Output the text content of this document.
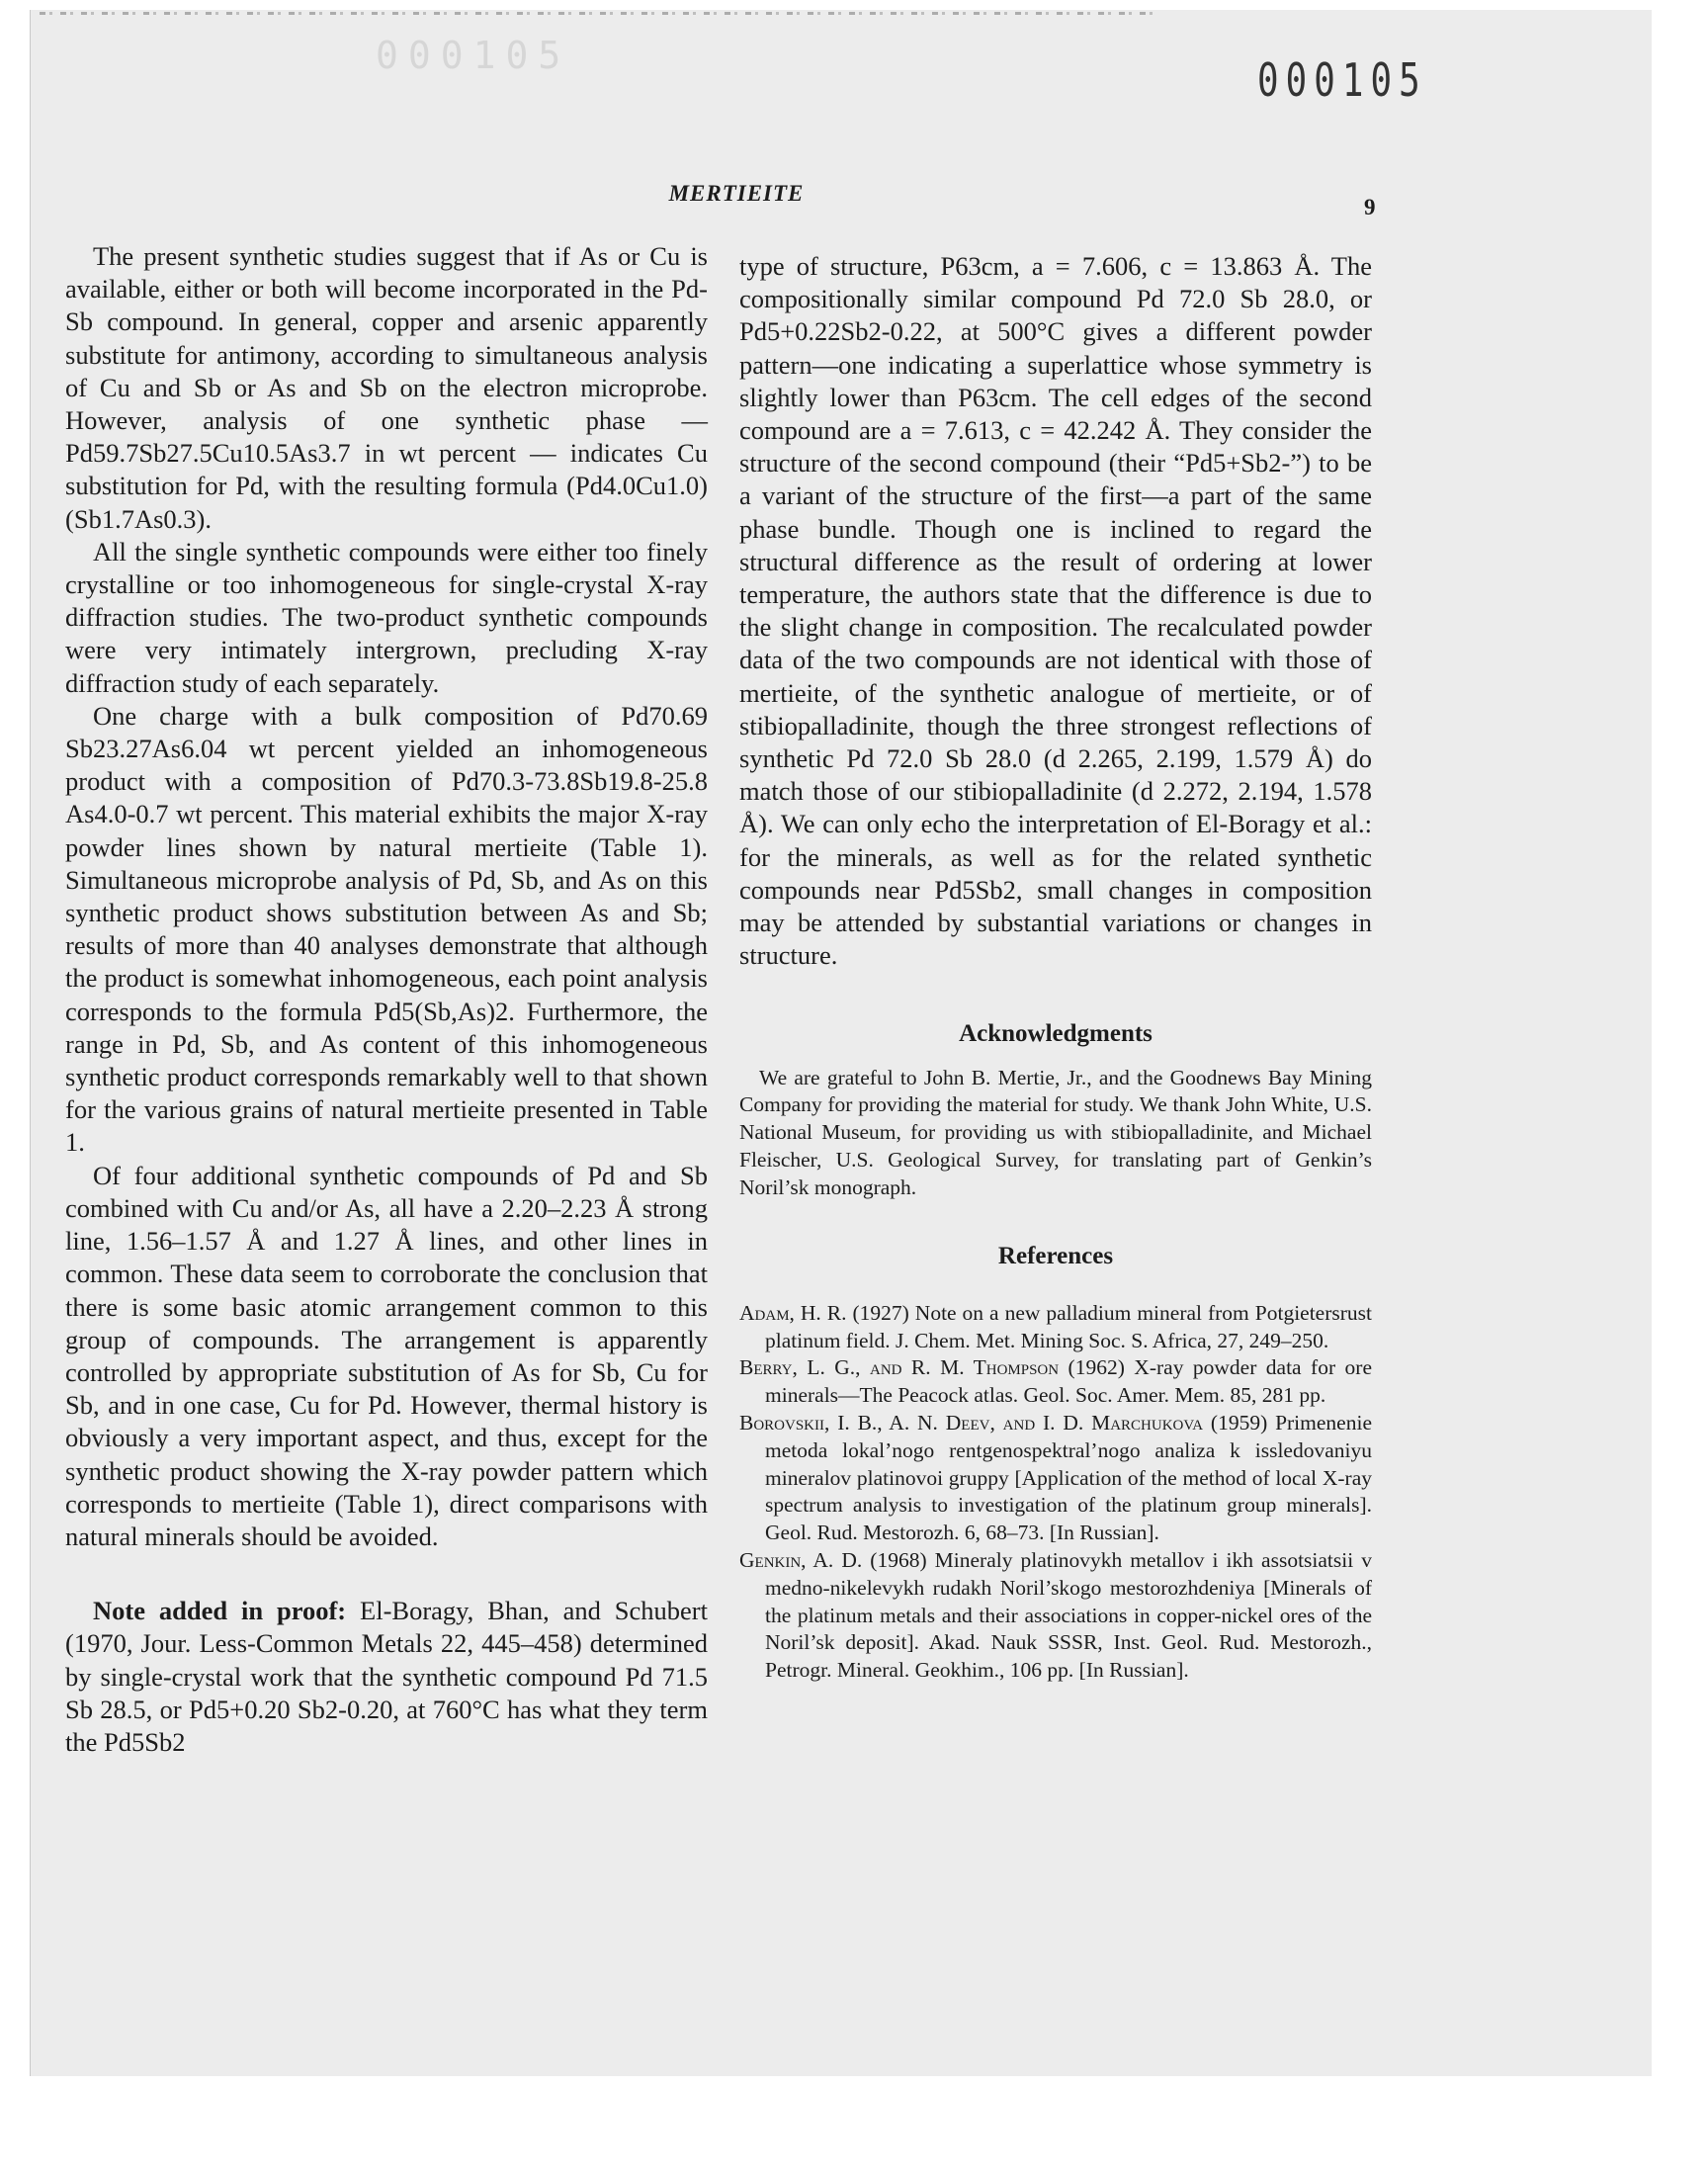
000105	000105
MERTIEITE
9

The present synthetic studies suggest that if As or Cu is available, either or both will become incorporated in the Pd-Sb compound. In general, copper and arsenic apparently substitute for antimony, according to simultaneous analysis of Cu and Sb or As and Sb on the electron microprobe. However, analysis of one synthetic phase — Pd59.7Sb27.5Cu10.5As3.7 in wt percent — indicates Cu substitution for Pd, with the resulting formula (Pd4.0Cu1.0)(Sb1.7As0.3).

All the single synthetic compounds were either too finely crystalline or too inhomogeneous for single-crystal X-ray diffraction studies. The two-product synthetic compounds were very intimately intergrown, precluding X-ray diffraction study of each separately.

One charge with a bulk composition of Pd70.69 Sb23.27As6.04 wt percent yielded an inhomogeneous product with a composition of Pd70.3-73.8Sb19.8-25.8 As4.0-0.7 wt percent. This material exhibits the major X-ray powder lines shown by natural mertieite (Table 1). Simultaneous microprobe analysis of Pd, Sb, and As on this synthetic product shows substitution between As and Sb; results of more than 40 analyses demonstrate that although the product is somewhat inhomogeneous, each point analysis corresponds to the formula Pd5(Sb,As)2. Furthermore, the range in Pd, Sb, and As content of this inhomogeneous synthetic product corresponds remarkably well to that shown for the various grains of natural mertieite presented in Table 1.

Of four additional synthetic compounds of Pd and Sb combined with Cu and/or As, all have a 2.20–2.23 Å strong line, 1.56–1.57 Å and 1.27 Å lines, and other lines in common. These data seem to corroborate the conclusion that there is some basic atomic arrangement common to this group of compounds. The arrangement is apparently controlled by appropriate substitution of As for Sb, Cu for Sb, and in one case, Cu for Pd. However, thermal history is obviously a very important aspect, and thus, except for the synthetic product showing the X-ray powder pattern which corresponds to mertieite (Table 1), direct comparisons with natural minerals should be avoided.

Note added in proof: El-Boragy, Bhan, and Schubert (1970, Jour. Less-Common Metals 22, 445–458) determined by single-crystal work that the synthetic compound Pd 71.5 Sb 28.5, or Pd5+0.20 Sb2-0.20, at 760°C has what they term the Pd5Sb2

type of structure, P63cm, a = 7.606, c = 13.863 Å. The compositionally similar compound Pd 72.0 Sb 28.0, or Pd5+0.22Sb2-0.22, at 500°C gives a different powder pattern—one indicating a superlattice whose symmetry is slightly lower than P63cm. The cell edges of the second compound are a = 7.613, c = 42.242 Å. They consider the structure of the second compound (their “Pd5+Sb2-”) to be a variant of the structure of the first—a part of the same phase bundle. Though one is inclined to regard the structural difference as the result of ordering at lower temperature, the authors state that the difference is due to the slight change in composition. The recalculated powder data of the two compounds are not identical with those of mertieite, of the synthetic analogue of mertieite, or of stibiopalladinite, though the three strongest reflections of synthetic Pd 72.0 Sb 28.0 (d 2.265, 2.199, 1.579 Å) do match those of our stibiopalladinite (d 2.272, 2.194, 1.578 Å). We can only echo the interpretation of El-Boragy et al.: for the minerals, as well as for the related synthetic compounds near Pd5Sb2, small changes in composition may be attended by substantial variations or changes in structure.

Acknowledgments

We are grateful to John B. Mertie, Jr., and the Goodnews Bay Mining Company for providing the material for study. We thank John White, U.S. National Museum, for providing us with stibiopalladinite, and Michael Fleischer, U.S. Geological Survey, for translating part of Genkin’s Noril’sk monograph.

References
Adam, H. R. (1927) Note on a new palladium mineral from Potgietersrust platinum field. J. Chem. Met. Mining Soc. S. Africa, 27, 249–250.
Berry, L. G., and R. M. Thompson (1962) X-ray powder data for ore minerals—The Peacock atlas. Geol. Soc. Amer. Mem. 85, 281 pp.
Borovskii, I. B., A. N. Deev, and I. D. Marchukova (1959) Primenenie metoda lokal’nogo rentgenospektral’nogo analiza k issledovaniyu mineralov platinovoi gruppy [Application of the method of local X-ray spectrum analysis to investigation of the platinum group minerals]. Geol. Rud. Mestorozh. 6, 68–73. [In Russian].
Genkin, A. D. (1968) Mineraly platinovykh metallov i ikh assotsiatsii v medno-nikelevykh rudakh Noril’skogo mestorozhdeniya [Minerals of the platinum metals and their associations in copper-nickel ores of the Noril’sk deposit]. Akad. Nauk SSSR, Inst. Geol. Rud. Mestorozh., Petrogr. Mineral. Geokhim., 106 pp. [In Russian].
